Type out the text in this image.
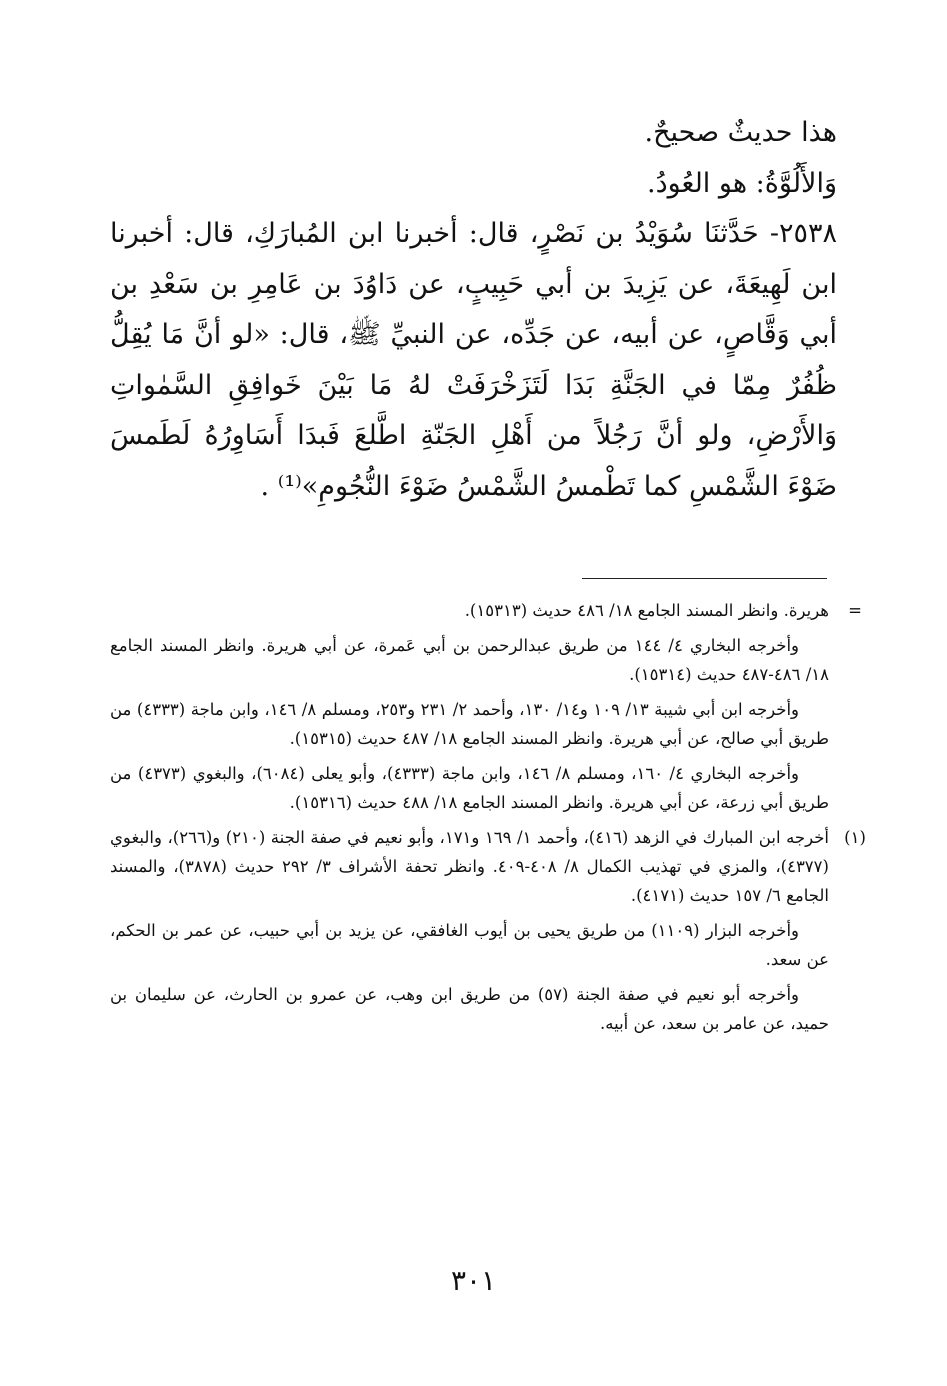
هذا حديثٌ صحيحٌ.

وَالأَلُوَّةُ: هو العُودُ.

٢٥٣٨- حَدَّثنَا سُوَيْدُ بن نَصْرٍ، قال: أخبرنا ابن المُبارَكِ، قال: أخبرنا ابن لَهِيعَةَ، عن يَزِيدَ بن أبي حَبِيبٍ، عن دَاوُدَ بن عَامِرِ بن سَعْدِ بن أبي وَقَّاصٍ، عن أبيه، عن جَدِّه، عن النبيِّ ﷺ، قال: «لو أنَّ مَا يُقِلُّ ظُفُرٌ مِمّا في الجَنَّةِ بَدَا لَتَزَخْرَفَتْ لهُ مَا بَيْنَ خَوافِقِ السَّمٰواتِ وَالأَرْضِ، ولو أنَّ رَجُلاً من أَهْلِ الجَنّةِ اطَّلعَ فَبدَا أَسَاوِرُهُ لَطَمسَ ضَوْءَ الشَّمْسِ كما تَطْمسُ الشَّمْسُ ضَوْءَ النُّجُومِ»⁽¹⁾ .

=
هريرة. وانظر المسند الجامع ١٨/ ٤٨٦ حديث (١٥٣١٣).
وأخرجه البخاري ٤/ ١٤٤ من طريق عبدالرحمن بن أبي عَمرة، عن أبي هريرة. وانظر المسند الجامع ١٨/ ٤٨٦-٤٨٧ حديث (١٥٣١٤).
وأخرجه ابن أبي شيبة ١٣/ ١٠٩ و١٤/ ١٣٠، وأحمد ٢/ ٢٣١ و٢٥٣، ومسلم ٨/ ١٤٦، وابن ماجة (٤٣٣٣) من طريق أبي صالح، عن أبي هريرة. وانظر المسند الجامع ١٨/ ٤٨٧ حديث (١٥٣١٥).
وأخرجه البخاري ٤/ ١٦٠، ومسلم ٨/ ١٤٦، وابن ماجة (٤٣٣٣)، وأبو يعلى (٦٠٨٤)، والبغوي (٤٣٧٣) من طريق أبي زرعة، عن أبي هريرة. وانظر المسند الجامع ١٨/ ٤٨٨ حديث (١٥٣١٦).
(١)
أخرجه ابن المبارك في الزهد (٤١٦)، وأحمد ١/ ١٦٩ و١٧١، وأبو نعيم في صفة الجنة (٢١٠) و(٢٦٦)، والبغوي (٤٣٧٧)، والمزي في تهذيب الكمال ٨/ ٤٠٨-٤٠٩. وانظر تحفة الأشراف ٣/ ٢٩٢ حديث (٣٨٧٨)، والمسند الجامع ٦/ ١٥٧ حديث (٤١٧١).
وأخرجه البزار (١١٠٩) من طريق يحيى بن أيوب الغافقي، عن يزيد بن أبي حبيب، عن عمر بن الحكم، عن سعد.
وأخرجه أبو نعيم في صفة الجنة (٥٧) من طريق ابن وهب، عن عمرو بن الحارث، عن سليمان بن حميد، عن عامر بن سعد، عن أبيه.
٣٠١
